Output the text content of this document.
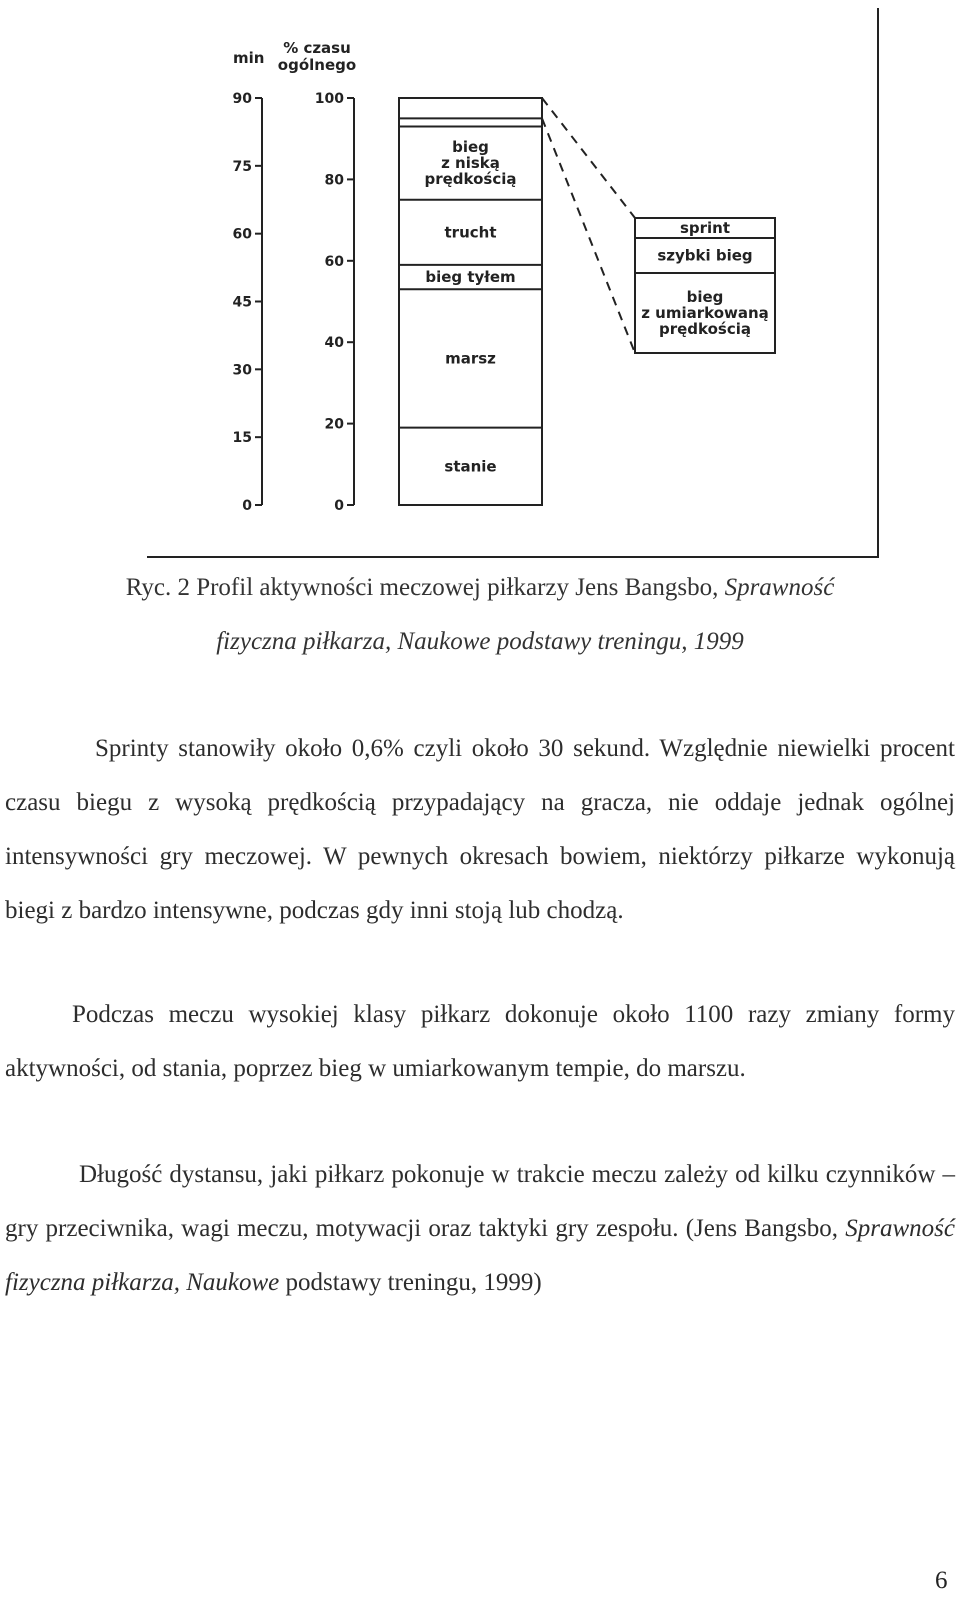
min
90
75
60
45
30
15
0
% czasu
ogólnego
100
80
60
40
20
0
stanie
marsz
bieg tyłem
trucht
bieg
z niską
prędkością
sprint
szybki bieg
bieg
z umiarkowaną
prędkością
Ryc. 2 Profil aktywności meczowej piłkarzy Jens Bangsbo, Sprawność
fizyczna piłkarza, Naukowe podstawy treningu, 1999

Sprinty stanowiły około 0,6% czyli około 30 sekund. Względnie niewielki procent czasu biegu z wysoką prędkością przypadający na gracza, nie oddaje jednak ogólnej intensywności gry meczowej. W pewnych okresach bowiem, niektórzy piłkarze wykonują biegi z bardzo intensywne, podczas gdy inni stoją lub chodzą.

Podczas meczu wysokiej klasy piłkarz dokonuje około 1100 razy zmiany formy aktywności, od stania, poprzez bieg w umiarkowanym tempie, do marszu.

Długość dystansu, jaki piłkarz pokonuje w trakcie meczu zależy od kilku czynników – gry przeciwnika, wagi meczu, motywacji oraz taktyki gry zespołu. (Jens Bangsbo, Sprawność fizyczna piłkarza, Naukowe podstawy treningu, 1999)

6
